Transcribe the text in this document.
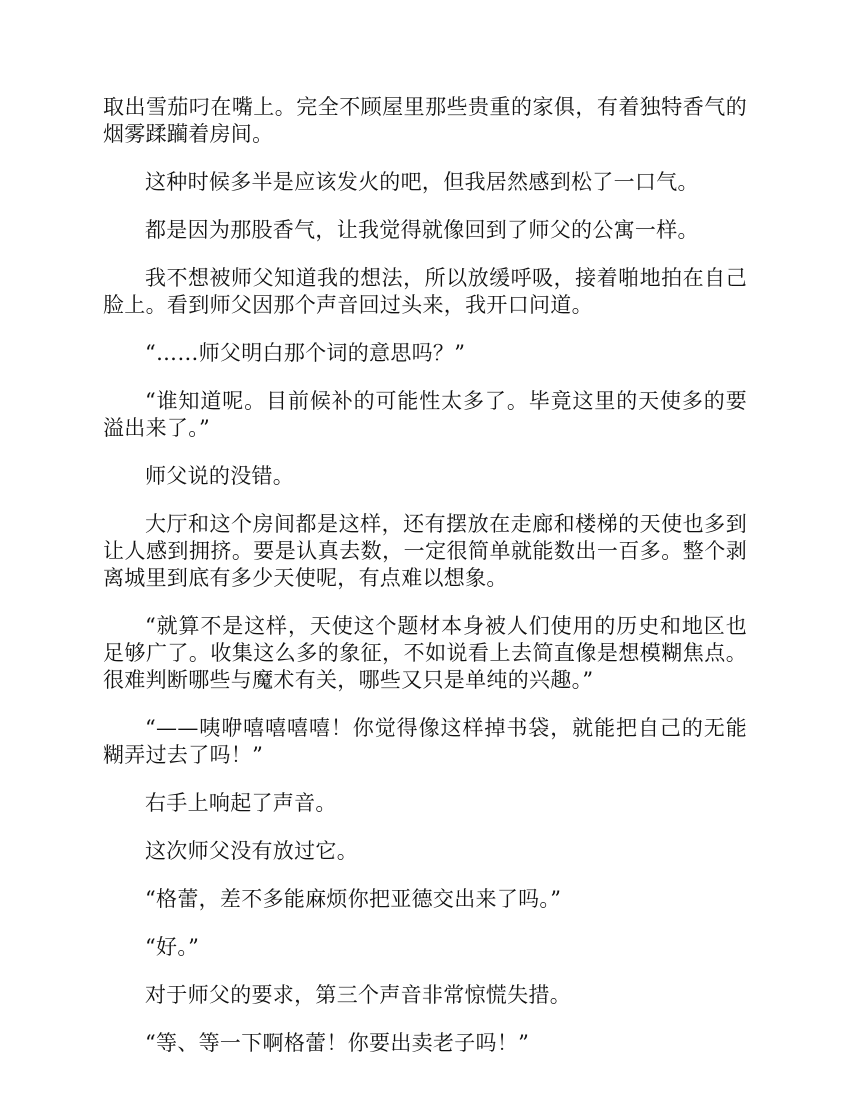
取出雪茄叼在嘴上。完全不顾屋里那些贵重的家俱，有着独特香气的烟雾蹂躏着房间。

这种时候多半是应该发火的吧，但我居然感到松了一口气。

都是因为那股香气，让我觉得就像回到了师父的公寓一样。

我不想被师父知道我的想法，所以放缓呼吸，接着啪地拍在自己脸上。看到师父因那个声音回过头来，我开口问道。

“……师父明白那个词的意思吗？”

“谁知道呢。目前候补的可能性太多了。毕竟这里的天使多的要溢出来了。”

师父说的没错。

大厅和这个房间都是这样，还有摆放在走廊和楼梯的天使也多到让人感到拥挤。要是认真去数，一定很简单就能数出一百多。整个剥离城里到底有多少天使呢，有点难以想象。

“就算不是这样，天使这个题材本身被人们使用的历史和地区也足够广了。收集这么多的象征，不如说看上去简直像是想模糊焦点。很难判断哪些与魔术有关，哪些又只是单纯的兴趣。”

“——咦咿嘻嘻嘻嘻！你觉得像这样掉书袋，就能把自己的无能糊弄过去了吗！”

右手上响起了声音。

这次师父没有放过它。

“格蕾，差不多能麻烦你把亚德交出来了吗。”

“好。”

对于师父的要求，第三个声音非常惊慌失措。

“等、等一下啊格蕾！你要出卖老子吗！”
